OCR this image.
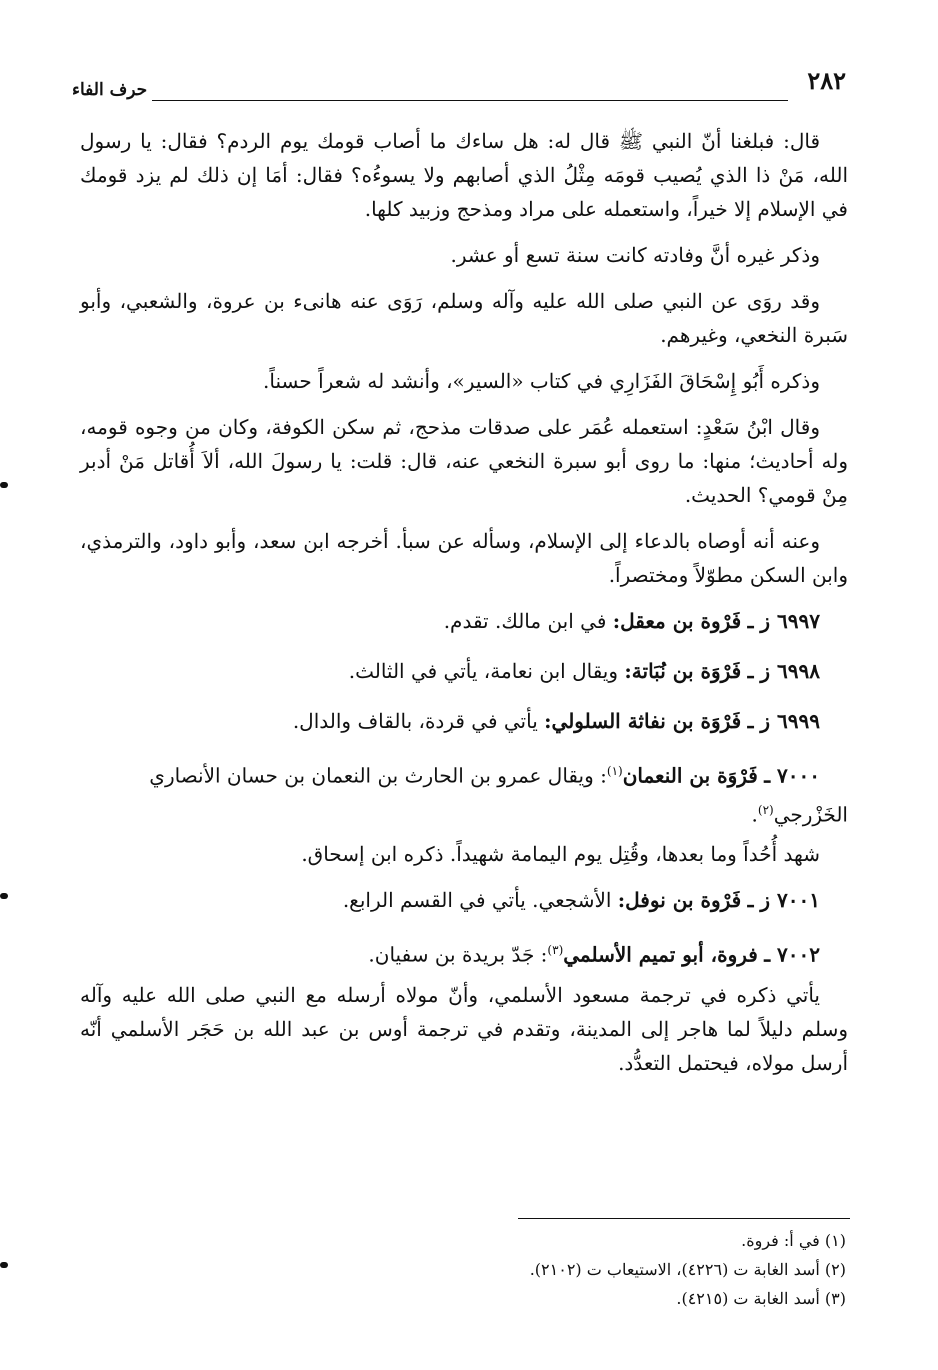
٢٨٢
حرف الفاء

قال: فبلغنا أنّ النبي ﷺ قال له: هل ساءك ما أصاب قومك يوم الردم؟ فقال: يا رسول الله، مَنْ ذا الذي يُصيب قومَه مِثْلُ الذي أصابهم ولا يسوءُه؟ فقال: أمَا إن ذلك لم يزد قومك في الإسلام إلا خيراً، واستعمله على مراد ومذحج وزبيد كلها.

وذكر غيره أنَّ وفادته كانت سنة تسع أو عشر.

وقد روَى عن النبي صلى الله عليه وآله وسلم، رَوَى عنه هانىء بن عروة، والشعبي، وأبو سَبرة النخعي، وغيرهم.

وذكره أَبُو إِسْحَاقَ الفَزَارِي في كتاب «السير»، وأنشد له شعراً حسناً.

وقال ابْنُ سَعْدٍ: استعمله عُمَر على صدقات مذحج، ثم سكن الكوفة، وكان من وجوه قومه، وله أحاديث؛ منها: ما روى أبو سبرة النخعي عنه، قال: قلت: يا رسولَ الله، ألاَ أُقاتل مَنْ أدبر مِنْ قومي؟ الحديث.

وعنه أنه أوصاه بالدعاء إلى الإسلام، وسأله عن سبأ. أخرجه ابن سعد، وأبو داود، والترمذي، وابن السكن مطوّلاً ومختصراً.

٦٩٩٧ ز ـ فَرْوة بن معقل: في ابن مالك. تقدم.

٦٩٩٨ ز ـ فَرْوَة بن نُبَاتة: ويقال ابن نعامة، يأتي في الثالث.

٦٩٩٩ ز ـ فَرْوَة بن نفاثة السلولي: يأتي في قردة، بالقاف والدال.

٧٠٠٠ ـ فَرْوَة بن النعمان$^{(١)}$: ويقال عمرو بن الحارث بن النعمان بن حسان الأنصاري الخَزْرجي$^{(٢)}$.

شهد أُحُداً وما بعدها، وقُتِل يوم اليمامة شهيداً. ذكره ابن إسحاق.

٧٠٠١ ز ـ فَرْوة بن نوفل: الأشجعي. يأتي في القسم الرابع.

٧٠٠٢ ـ فروة، أبو تميم الأسلمي$^{(٣)}$: جَدّ بريدة بن سفيان.

يأتي ذكره في ترجمة مسعود الأسلمي، وأنّ مولاه أرسله مع النبي صلى الله عليه وآله وسلم دليلاً لما هاجر إلى المدينة، وتقدم في ترجمة أوس بن عبد الله بن حَجَر الأسلمي أنّه أرسل مولاه، فيحتمل التعدُّد.

(١) في أ: فروة.

(٢) أسد الغابة ت (٤٢٢٦)، الاستيعاب ت (٢١٠٢).

(٣) أسد الغابة ت (٤٢١٥).
